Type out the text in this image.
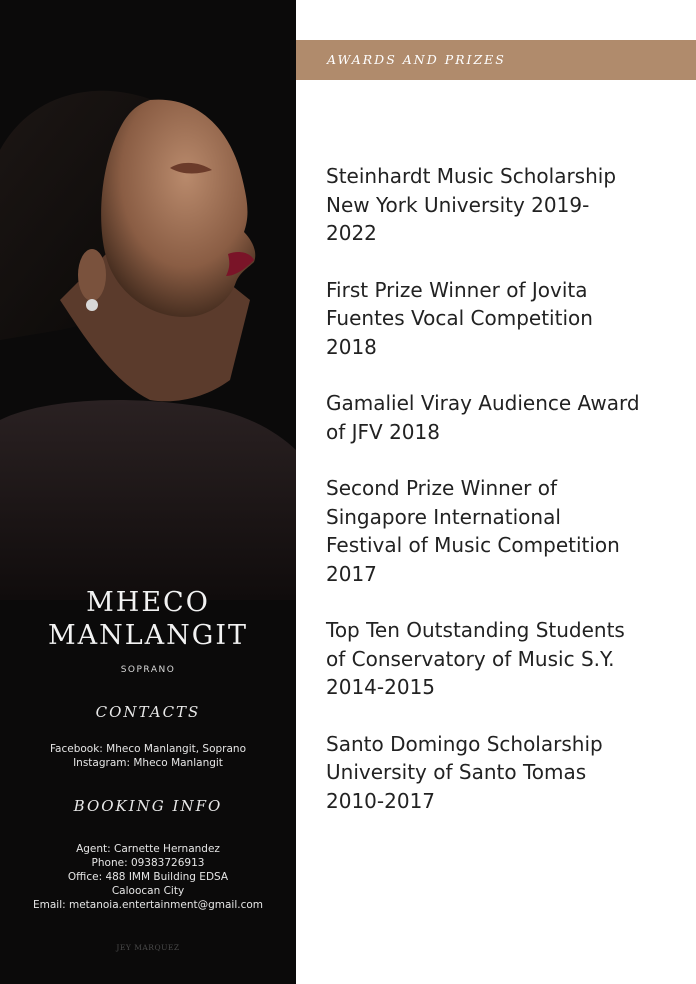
MHECO
MANLANGIT
SOPRANO
CONTACTS
Facebook: Mheco Manlangit, Soprano
Instagram: Mheco Manlangit
BOOKING INFO
Agent: Carnette Hernandez
Phone: 09383726913
Office: 488 IMM Building EDSA
Caloocan City
Email: metanoia.entertainment@gmail.com
JEY MARQUEZ
AWARDS AND PRIZES
Steinhardt Music Scholarship
New York University 2019-
2022
First Prize Winner of Jovita
Fuentes Vocal Competition
2018
Gamaliel Viray Audience Award
of JFV 2018
Second Prize Winner of
Singapore International
Festival of Music Competition
2017
Top Ten Outstanding Students
of Conservatory of Music S.Y.
2014-2015
Santo Domingo Scholarship
University of Santo Tomas
2010-2017
